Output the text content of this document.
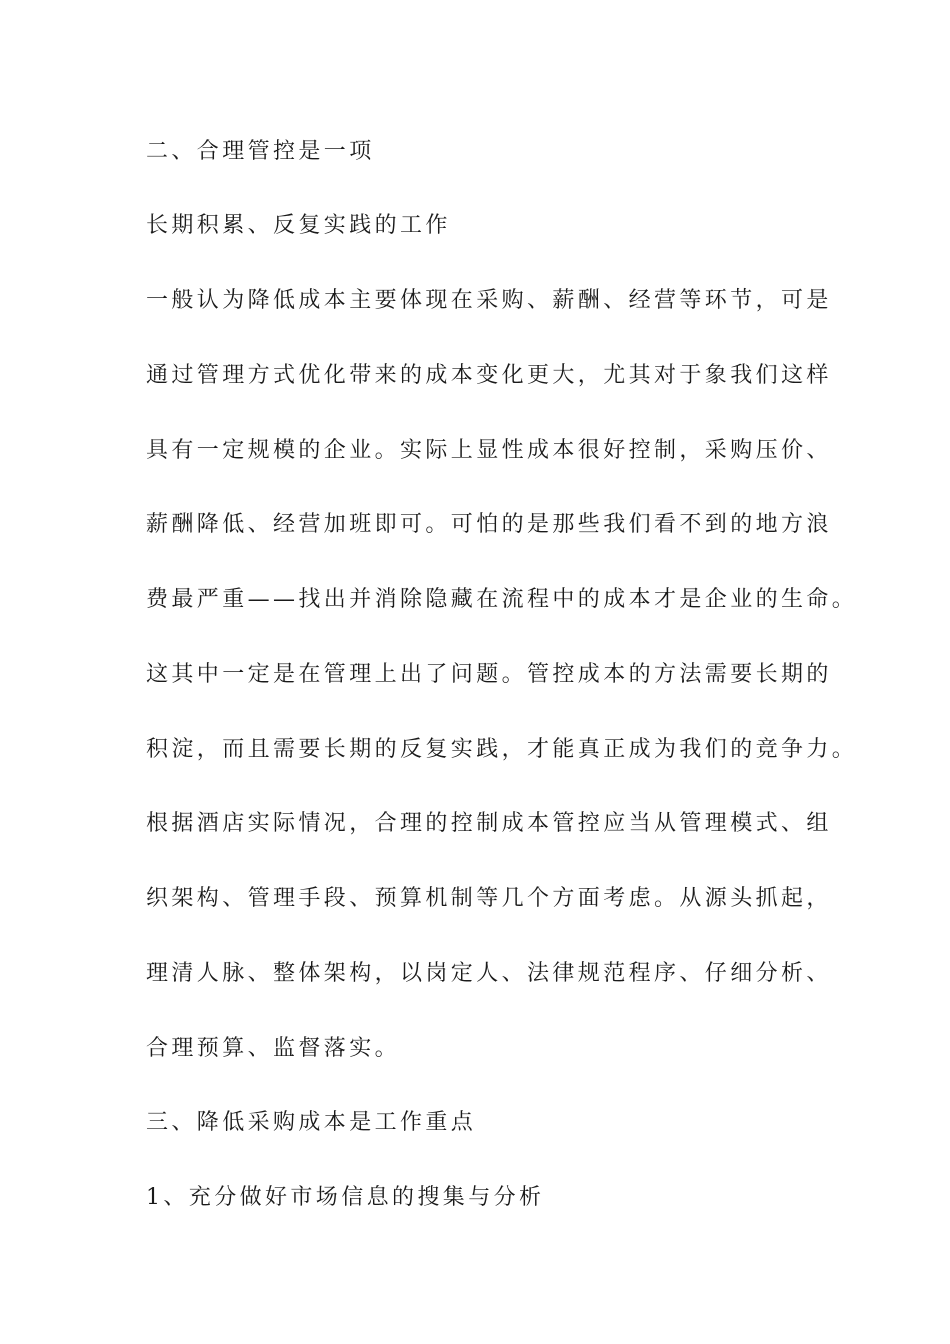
二、合理管控是一项

长期积累、反复实践的工作

一般认为降低成本主要体现在采购、薪酬、经营等环节，可是

通过管理方式优化带来的成本变化更大，尤其对于象我们这样

具有一定规模的企业。实际上显性成本很好控制，采购压价、

薪酬降低、经营加班即可。可怕的是那些我们看不到的地方浪

费最严重——找出并消除隐藏在流程中的成本才是企业的生命。

这其中一定是在管理上出了问题。管控成本的方法需要长期的

积淀，而且需要长期的反复实践，才能真正成为我们的竞争力。

根据酒店实际情况，合理的控制成本管控应当从管理模式、组

织架构、管理手段、预算机制等几个方面考虑。从源头抓起，

理清人脉、整体架构，以岗定人、法律规范程序、仔细分析、

合理预算、监督落实。

三、降低采购成本是工作重点

1、充分做好市场信息的搜集与分析
